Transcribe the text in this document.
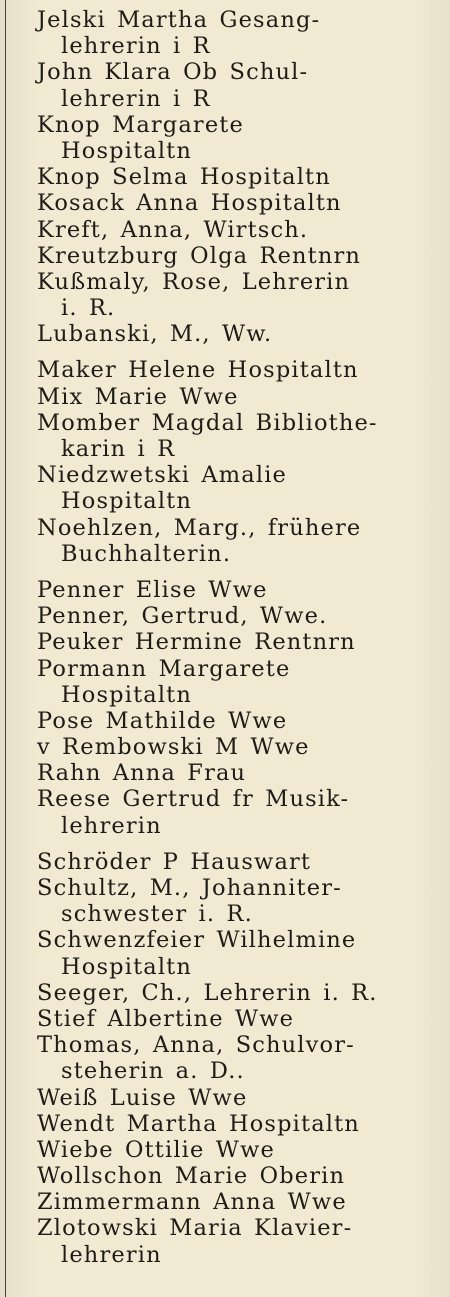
Jelski Martha Gesang-
lehrerin i R
John Klara Ob Schul-
lehrerin i R
Knop Margarete
Hospitaltn
Knop Selma Hospitaltn
Kosack Anna Hospitaltn
Kreft, Anna, Wirtsch.
Kreutzburg Olga Rentnrn
Kußmaly, Rose, Lehrerin
i. R.
Lubanski, M., Ww.
Maker Helene Hospitaltn
Mix Marie Wwe
Momber Magdal Bibliothe-
karin i R
Niedzwetski Amalie
Hospitaltn
Noehlzen, Marg., frühere
Buchhalterin.
Penner Elise Wwe
Penner, Gertrud, Wwe.
Peuker Hermine Rentnrn
Pormann Margarete
Hospitaltn
Pose Mathilde Wwe
v Rembowski M Wwe
Rahn Anna Frau
Reese Gertrud fr Musik-
lehrerin
Schröder P Hauswart
Schultz, M., Johanniter-
schwester i. R.
Schwenzfeier Wilhelmine
Hospitaltn
Seeger, Ch., Lehrerin i. R.
Stief Albertine Wwe
Thomas, Anna, Schulvor-
steherin a. D..
Weiß Luise Wwe
Wendt Martha Hospitaltn
Wiebe Ottilie Wwe
Wollschon Marie Oberin
Zimmermann Anna Wwe
Zlotowski Maria Klavier-
lehrerin
